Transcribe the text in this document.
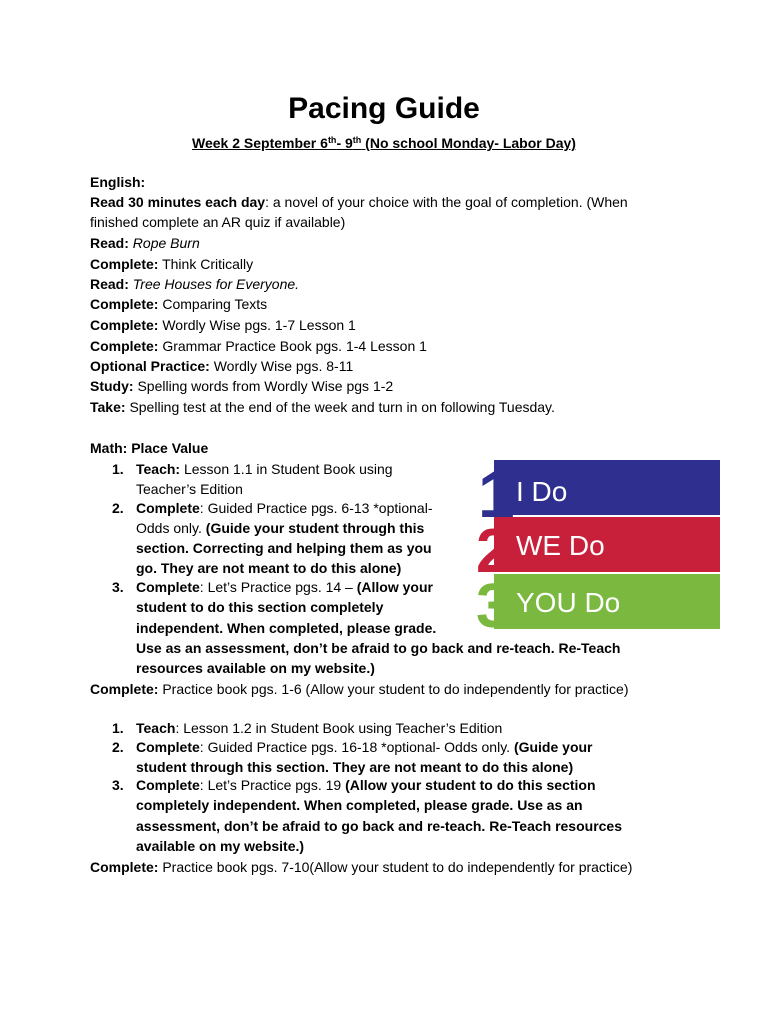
Pacing Guide
Week 2 September 6th- 9th (No school Monday- Labor Day)
English:
Read 30 minutes each day: a novel of your choice with the goal of completion. (When
finished complete an AR quiz if available)
Read: Rope Burn
Complete: Think Critically
Read: Tree Houses for Everyone.
Complete: Comparing Texts
Complete: Wordly Wise pgs. 1-7 Lesson 1
Complete: Grammar Practice Book pgs. 1-4 Lesson 1
Optional Practice: Wordly Wise pgs. 8-11
Study: Spelling words from Wordly Wise pgs 1-2
Take: Spelling test at the end of the week and turn in on following Tuesday.
Math: Place Value
1. Teach: Lesson 1.1 in Student Book using
Teacher’s Edition
2. Complete: Guided Practice pgs. 6-13 *optional-
Odds only. (Guide your student through this
section. Correcting and helping them as you
go. They are not meant to do this alone)
3. Complete: Let’s Practice pgs. 14 – (Allow your
student to do this section completely
independent. When completed, please grade.
Use as an assessment, don’t be afraid to go back and re-teach. Re-Teach
resources available on my website.)
Complete: Practice book pgs. 1-6 (Allow your student to do independently for practice)
1. Teach: Lesson 1.2 in Student Book using Teacher’s Edition
2. Complete: Guided Practice pgs. 16-18 *optional- Odds only. (Guide your
student through this section. They are not meant to do this alone)
3. Complete: Let’s Practice pgs. 19 (Allow your student to do this section
completely independent. When completed, please grade. Use as an
assessment, don’t be afraid to go back and re-teach. Re-Teach resources
available on my website.)
Complete: Practice book pgs. 7-10(Allow your student to do independently for practice)
1
2
3
I Do
WE Do
YOU Do
